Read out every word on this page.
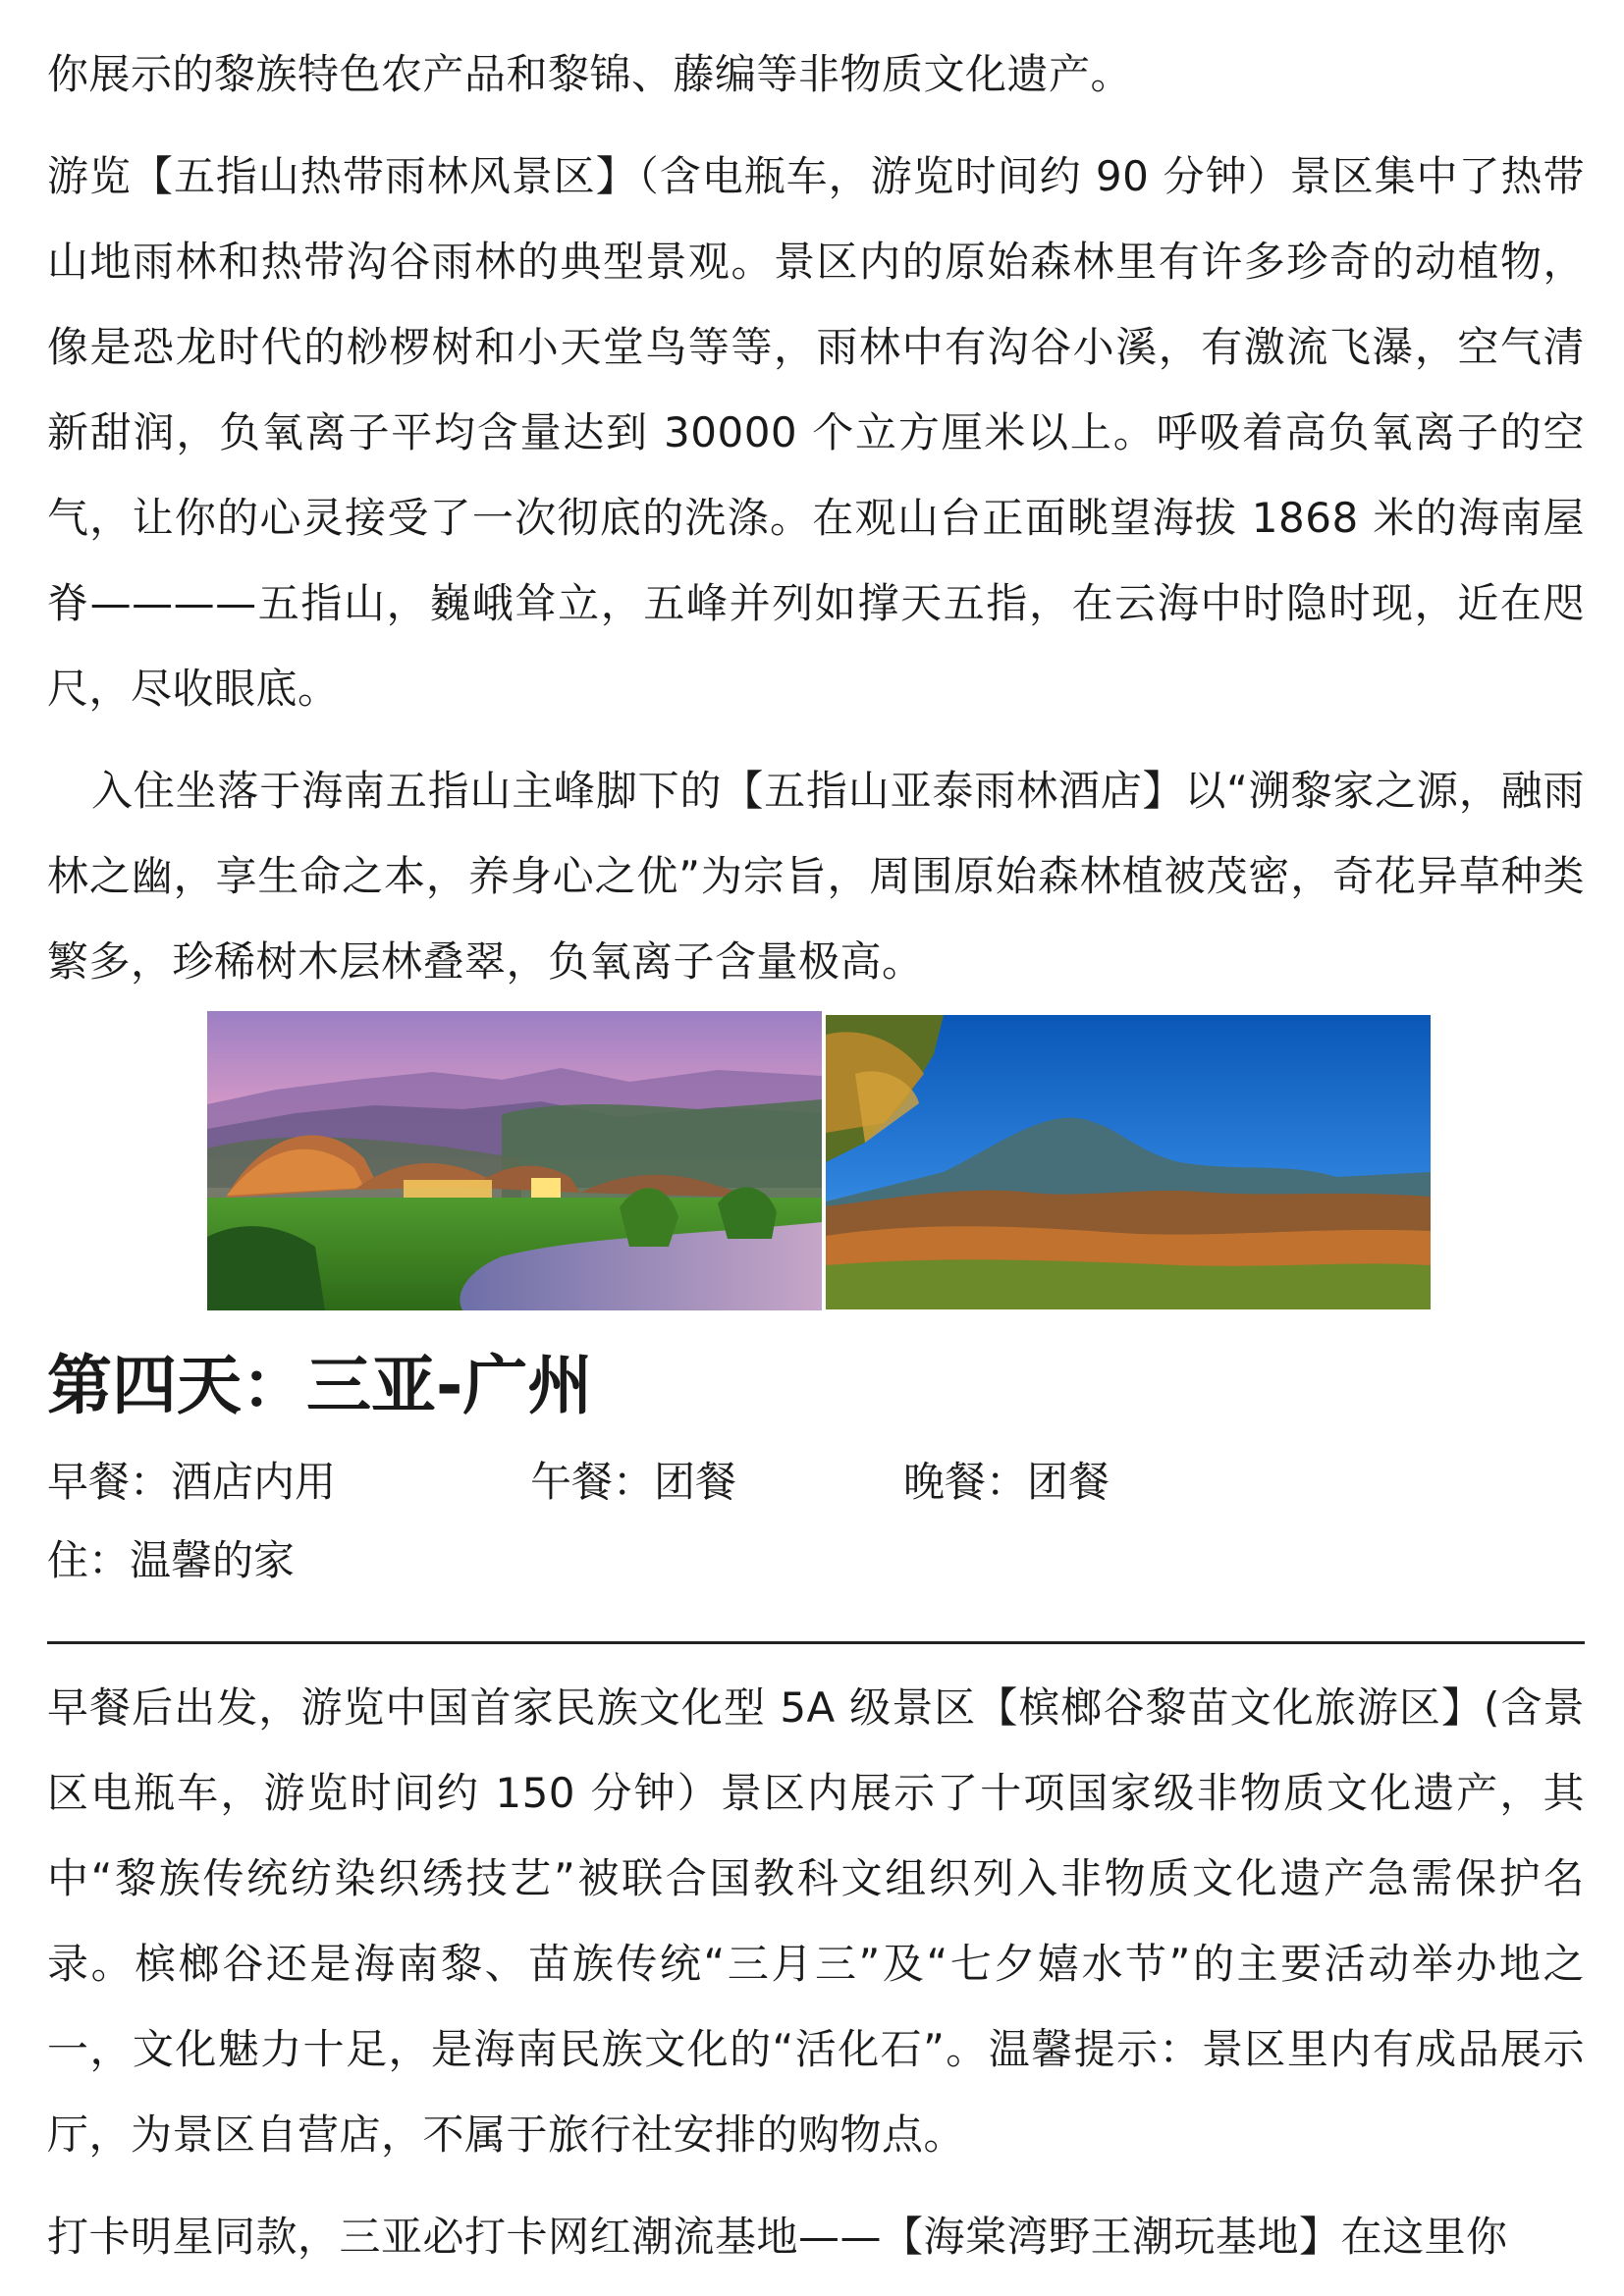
你展示的黎族特色农产品和黎锦、藤编等非物质文化遗产。

游览【五指山热带雨林风景区】（含电瓶车，游览时间约 90 分钟）景区集中了热带山地雨林和热带沟谷雨林的典型景观。景区内的原始森林里有许多珍奇的动植物，像是恐龙时代的桫椤树和小天堂鸟等等，雨林中有沟谷小溪，有激流飞瀑，空气清新甜润，负氧离子平均含量达到 30000 个立方厘米以上。呼吸着高负氧离子的空气，让你的心灵接受了一次彻底的洗涤。在观山台正面眺望海拔 1868 米的海南屋脊————五指山，巍峨耸立，五峰并列如撑天五指，在云海中时隐时现，近在咫尺，尽收眼底。

入住坐落于海南五指山主峰脚下的【五指山亚泰雨林酒店】以“溯黎家之源，融雨林之幽，享生命之本，养身心之优”为宗旨，周围原始森林植被茂密，奇花异草种类繁多，珍稀树木层林叠翠，负氧离子含量极高。

第四天：三亚-广州
早餐：酒店内用	午餐：团餐	晚餐：团餐
住：温馨的家

早餐后出发，游览中国首家民族文化型 5A 级景区【槟榔谷黎苗文化旅游区】(含景区电瓶车，游览时间约 150 分钟）景区内展示了十项国家级非物质文化遗产，其中“黎族传统纺染织绣技艺”被联合国教科文组织列入非物质文化遗产急需保护名录。槟榔谷还是海南黎、苗族传统“三月三”及“七夕嬉水节”的主要活动举办地之一，文化魅力十足，是海南民族文化的“活化石”。温馨提示：景区里内有成品展示厅，为景区自营店，不属于旅行社安排的购物点。

打卡明星同款，三亚必打卡网红潮流基地——【海棠湾野王潮玩基地】在这里你
